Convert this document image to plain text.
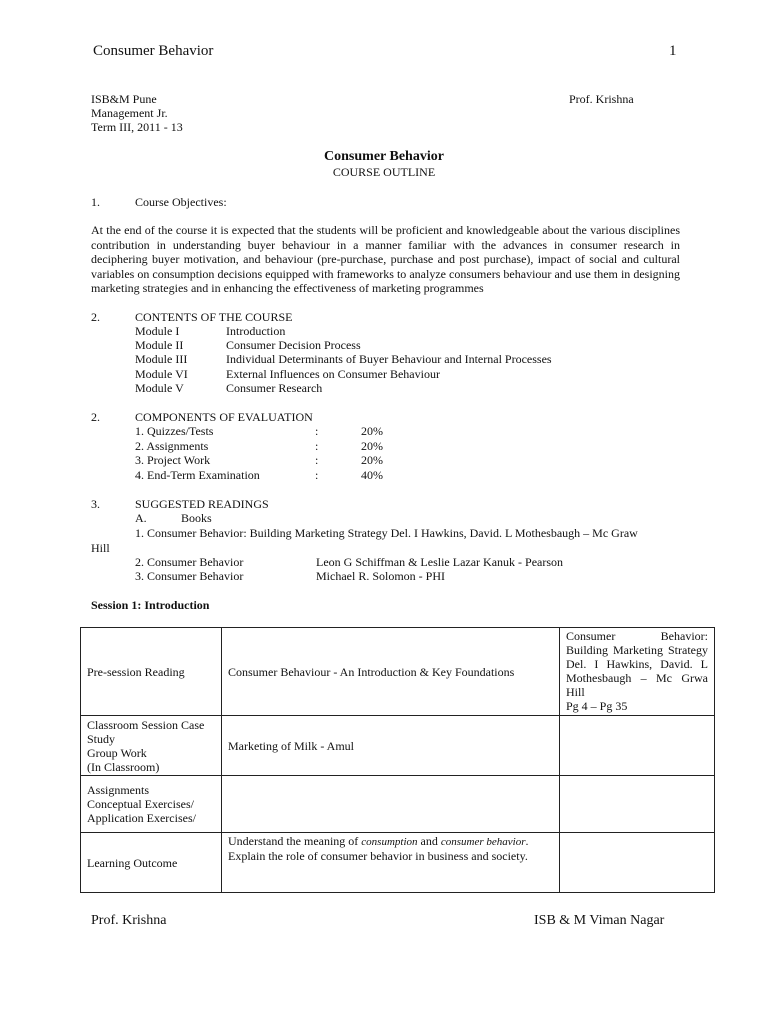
Consumer Behavior	1
ISB&M Pune
Management Jr.
Term III, 2011 - 13
Prof. Krishna
Consumer Behavior
COURSE OUTLINE
1.	Course Objectives:
At the end of the course it is expected that the students will be proficient and knowledgeable about the various disciplines contribution in understanding buyer behaviour in a manner familiar with the advances in consumer research in deciphering buyer motivation, and behaviour (pre-purchase, purchase and post purchase), impact of social and cultural variables on consumption decisions equipped with frameworks to analyze consumers behaviour and use them in designing marketing strategies and in enhancing the effectiveness of marketing programmes
2.	CONTENTS OF THE COURSE
Module I	Introduction
Module II	Consumer Decision Process
Module III	Individual Determinants of Buyer Behaviour and Internal Processes
Module VI	External Influences on Consumer Behaviour
Module V	Consumer Research
2.	COMPONENTS OF EVALUATION
1. Quizzes/Tests	:	20%
2. Assignments	:	20%
3. Project Work	:	20%
4. End-Term Examination	:	40%
3.	SUGGESTED READINGS
A.	Books
1. Consumer Behavior: Building Marketing Strategy Del. I Hawkins, David. L Mothesbaugh – Mc Graw
Hill
2. Consumer Behavior	Leon G Schiffman & Leslie Lazar Kanuk - Pearson
3. Consumer Behavior	Michael R. Solomon - PHI
Session 1: Introduction
Pre-session Reading	Consumer Behaviour - An Introduction & Key Foundations	Consumer Behavior: Building Marketing Strategy Del. I Hawkins, David. L Mothesbaugh – Mc Grwa Hill
Pg 4 – Pg 35

Classroom Session Case
Study
Group Work
(In Classroom)	Marketing of Milk - Amul	

Assignments
Conceptual Exercises/
Application Exercises/		

Learning Outcome	Understand the meaning of consumption and consumer behavior.
Explain the role of consumer behavior in business and society.	

Prof. Krishna	ISB & M Viman Nagar
